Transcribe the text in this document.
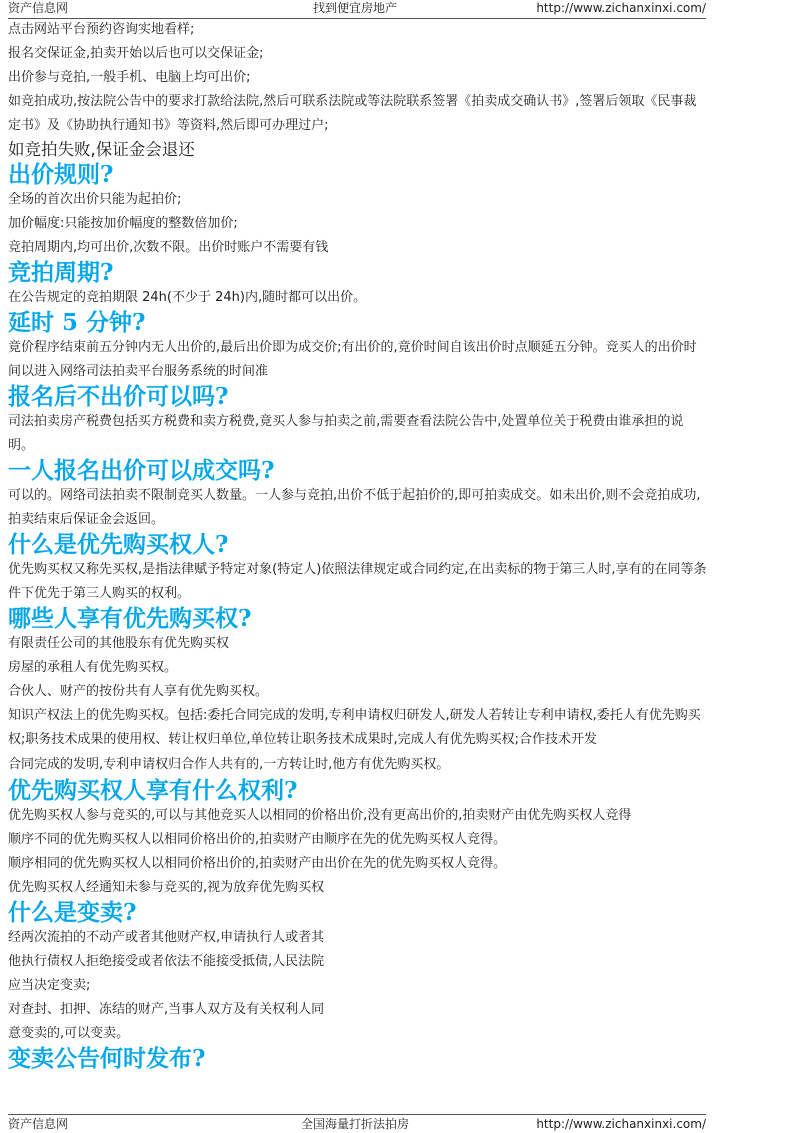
资产信息网	找到便宜房地产	http://www.zichanxinxi.com/

点击网站平台预约咨询实地看样;

报名交保证金,拍卖开始以后也可以交保证金;

出价参与竞拍,一般手机、电脑上均可出价;

如竞拍成功,按法院公告中的要求打款给法院,然后可联系法院或等法院联系签署《拍卖成交确认书》,签署后领取《民事裁定书》及《协助执行通知书》等资料,然后即可办理过户;

如竞拍失败,保证金会退还

出价规则?

全场的首次出价只能为起拍价;

加价幅度:只能按加价幅度的整数倍加价;

竞拍周期内,均可出价,次数不限。出价时账户不需要有钱

竞拍周期?

在公告规定的竞拍期限 24h(不少于 24h)内,随时都可以出价。

延时 5 分钟?

竟价程序结束前五分钟内无人出价的,最后出价即为成交价;有出价的,竟价时间自该出价时点顺延五分钟。竞买人的出价时间以进入网络司法拍卖平台服务系统的时间准

报名后不出价可以吗?

司法拍卖房产税费包括买方税费和卖方税费,竟买人参与拍卖之前,需要查看法院公告中,处置单位关于税费由谁承担的说明。

一人报名出价可以成交吗?

可以的。网络司法拍卖不限制竞买人数量。一人参与竞拍,出价不低于起拍价的,即可拍卖成交。如未出价,则不会竞拍成功,拍卖结束后保证金会返回。

什么是优先购买权人?

优先购买权又称先买权,是指法律赋予特定对象(特定人)依照法律规定或合同约定,在出卖标的物于第三人时,享有的在同等条件下优先于第三人购买的权利。

哪些人享有优先购买权?

有限责任公司的其他股东有优先购买权

房屋的承租人有优先购买权。

合伙人、财产的按份共有人享有优先购买权。

知识产权法上的优先购买权。包括:委托合同完成的发明,专利申请权归研发人,研发人若转让专利申请权,委托人有优先购买权;职务技术成果的使用权、转让权归单位,单位转让职务技术成果时,完成人有优先购买权;合作技术开发

合同完成的发明,专利申请权归合作人共有的,一方转让时,他方有优先购买权。

优先购买权人享有什么权利?

优先购买权人参与竞买的,可以与其他竞买人以相同的价格出价,没有更高出价的,拍卖财产由优先购买权人竞得

顺序不同的优先购买权人以相同价格出价的,拍卖财产由顺序在先的优先购买权人竞得。

顺序相同的优先购买权人以相同价格出价的,拍卖财产由出价在先的优先购买权人竞得。

优先购买权人经通知未参与竞买的,视为放弃优先购买权

什么是变卖?

经两次流拍的不动产或者其他财产权,申请执行人或者其

他执行债权人拒绝接受或者依法不能接受抵债,人民法院

应当决定变卖;

对查封、扣押、冻结的财产,当事人双方及有关权利人同

意变卖的,可以变卖。

变卖公告何时发布?
资产信息网	全国海量打折法拍房	http://www.zichanxinxi.com/
